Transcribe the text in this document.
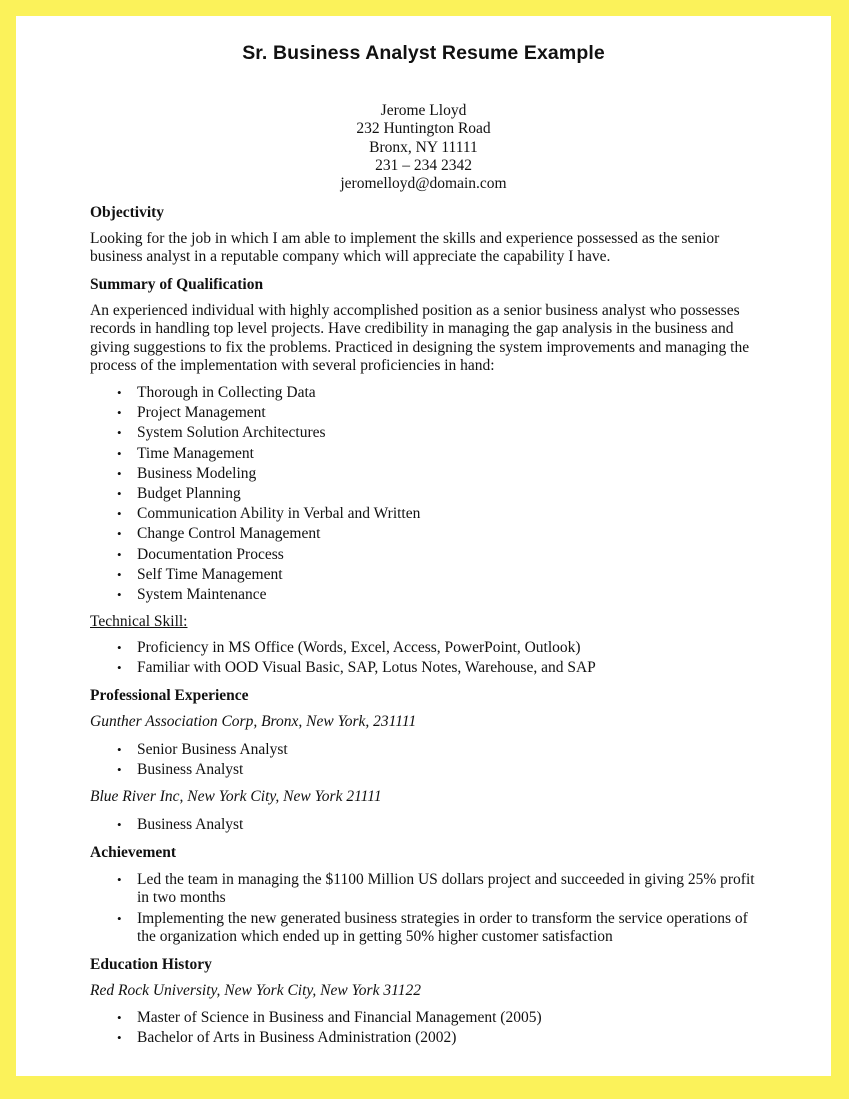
Sr. Business Analyst Resume Example
Jerome Lloyd
232 Huntington Road
Bronx, NY 11111
231 – 234 2342
jeromelloyd@domain.com
Objectivity
Looking for the job in which I am able to implement the skills and experience possessed as the senior business analyst in a reputable company which will appreciate the capability I have.
Summary of Qualification
An experienced individual with highly accomplished position as a senior business analyst who possesses records in handling top level projects. Have credibility in managing the gap analysis in the business and giving suggestions to fix the problems. Practiced in designing the system improvements and managing the process of the implementation with several proficiencies in hand:
• Thorough in Collecting Data
• Project Management
• System Solution Architectures
• Time Management
• Business Modeling
• Budget Planning
• Communication Ability in Verbal and Written
• Change Control Management
• Documentation Process
• Self Time Management
• System Maintenance
Technical Skill:
• Proficiency in MS Office (Words, Excel, Access, PowerPoint, Outlook)
• Familiar with OOD Visual Basic, SAP, Lotus Notes, Warehouse, and SAP
Professional Experience
Gunther Association Corp, Bronx, New York, 231111
• Senior Business Analyst
• Business Analyst
Blue River Inc, New York City, New York 21111
• Business Analyst
Achievement
• Led the team in managing the $1100 Million US dollars project and succeeded in giving 25% profit in two months
• Implementing the new generated business strategies in order to transform the service operations of the organization which ended up in getting 50% higher customer satisfaction
Education History
Red Rock University, New York City, New York 31122
• Master of Science in Business and Financial Management (2005)
• Bachelor of Arts in Business Administration (2002)
